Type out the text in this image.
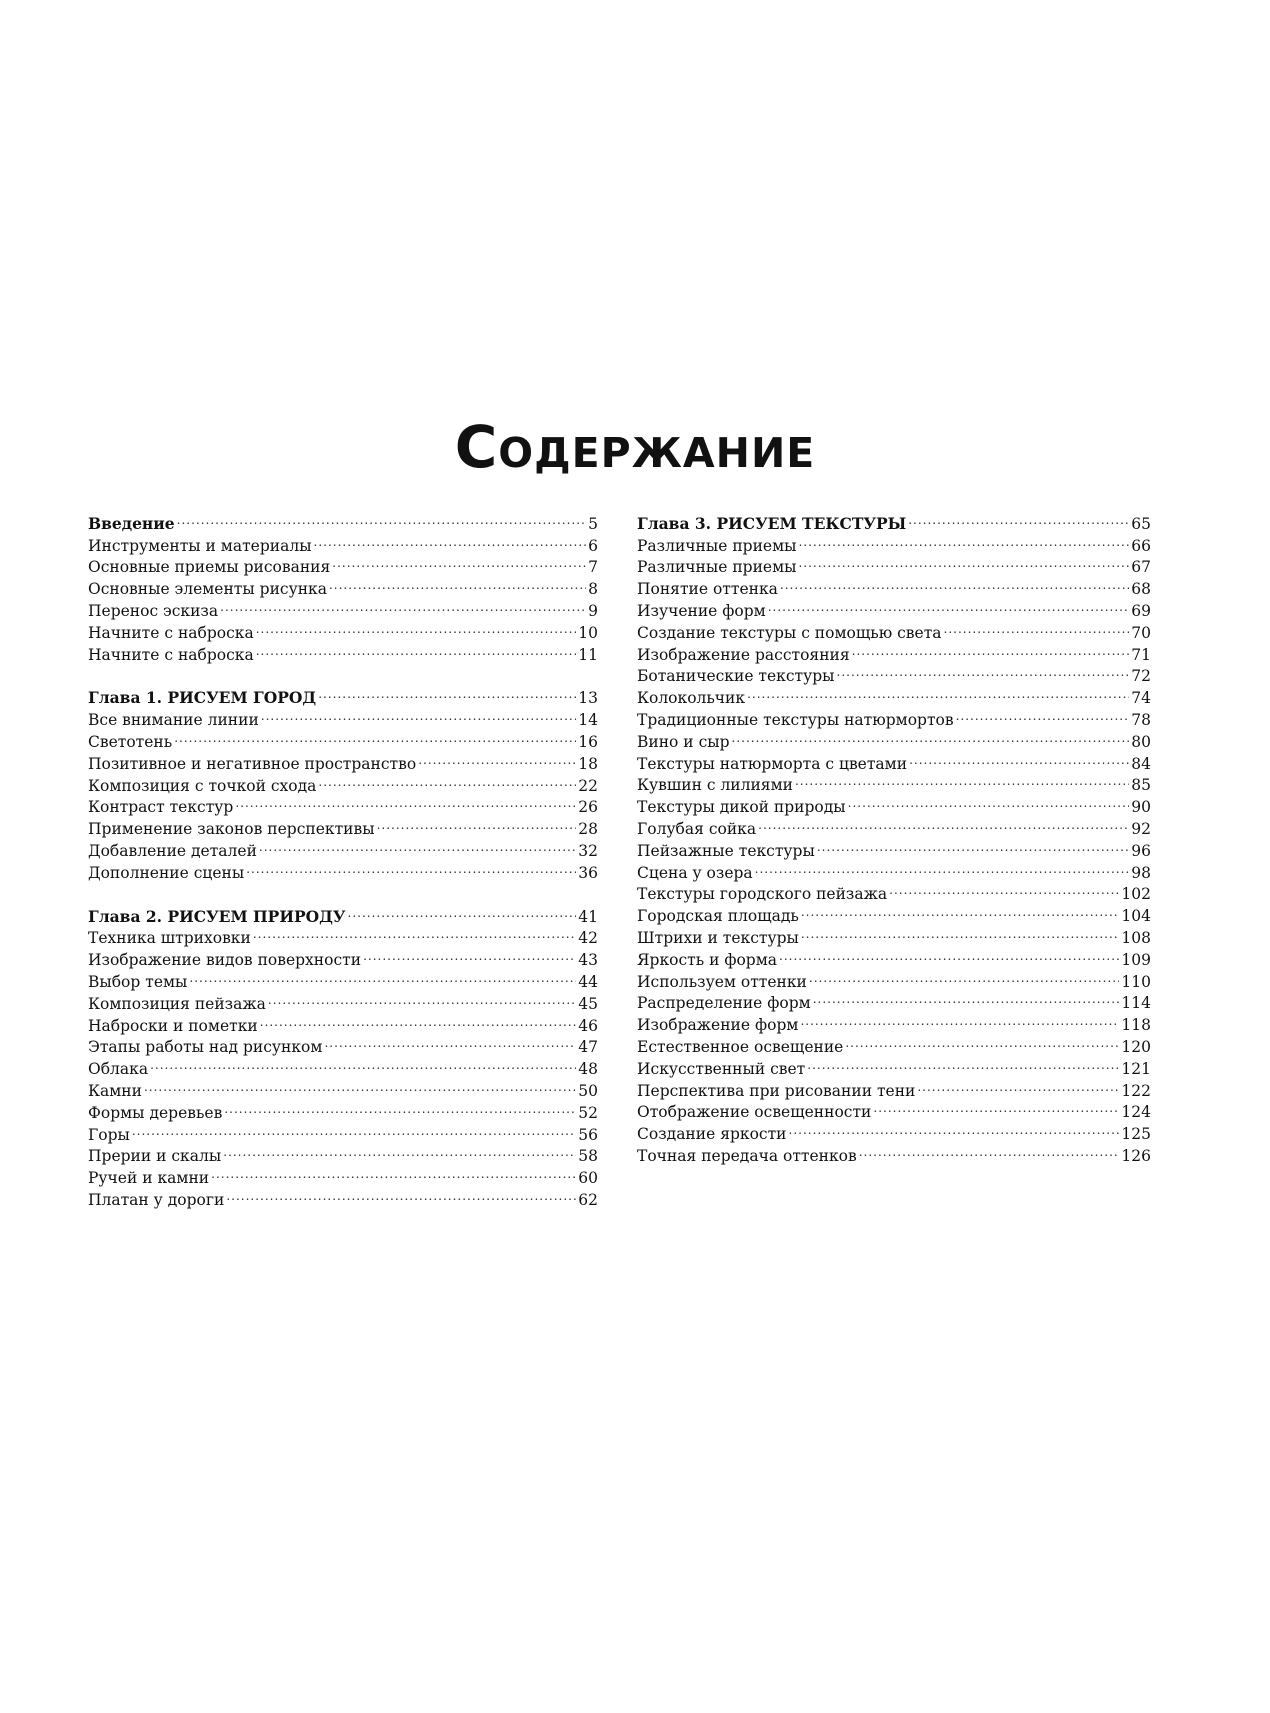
Содержание
Введение .....	5
Инструменты и материалы .....	6
Основные приемы рисования .....	7
Основные элементы рисунка .....	8
Перенос эскиза .....	9
Начните с наброска .....	10
Начните с наброска .....	11
Глава 1. РИСУЕМ ГОРОД .....	13
Все внимание линии .....	14
Светотень .....	16
Позитивное и негативное пространство .....	18
Композиция с точкой схода .....	22
Контраст текстур .....	26
Применение законов перспективы .....	28
Добавление деталей .....	32
Дополнение сцены .....	36
Глава 2. РИСУЕМ ПРИРОДУ .....	41
Техника штриховки .....	42
Изображение видов поверхности .....	43
Выбор темы .....	44
Композиция пейзажа .....	45
Наброски и пометки .....	46
Этапы работы над рисунком .....	47
Облака .....	48
Камни .....	50
Формы деревьев .....	52
Горы .....	56
Прерии и скалы .....	58
Ручей и камни .....	60
Платан у дороги .....	62
Глава 3. РИСУЕМ ТЕКСТУРЫ .....	65
Различные приемы .....	66
Различные приемы .....	67
Понятие оттенка .....	68
Изучение форм .....	69
Создание текстуры с помощью света .....	70
Изображение расстояния .....	71
Ботанические текстуры .....	72
Колокольчик .....	74
Традиционные текстуры натюрмортов .....	78
Вино и сыр .....	80
Текстуры натюрморта с цветами .....	84
Кувшин с лилиями .....	85
Текстуры дикой природы .....	90
Голубая сойка .....	92
Пейзажные текстуры .....	96
Сцена у озера .....	98
Текстуры городского пейзажа .....	102
Городская площадь .....	104
Штрихи и текстуры .....	108
Яркость и форма .....	109
Используем оттенки .....	110
Распределение форм .....	114
Изображение форм .....	118
Естественное освещение .....	120
Искусственный свет .....	121
Перспектива при рисовании тени .....	122
Отображение освещенности .....	124
Создание яркости .....	125
Точная передача оттенков .....	126
